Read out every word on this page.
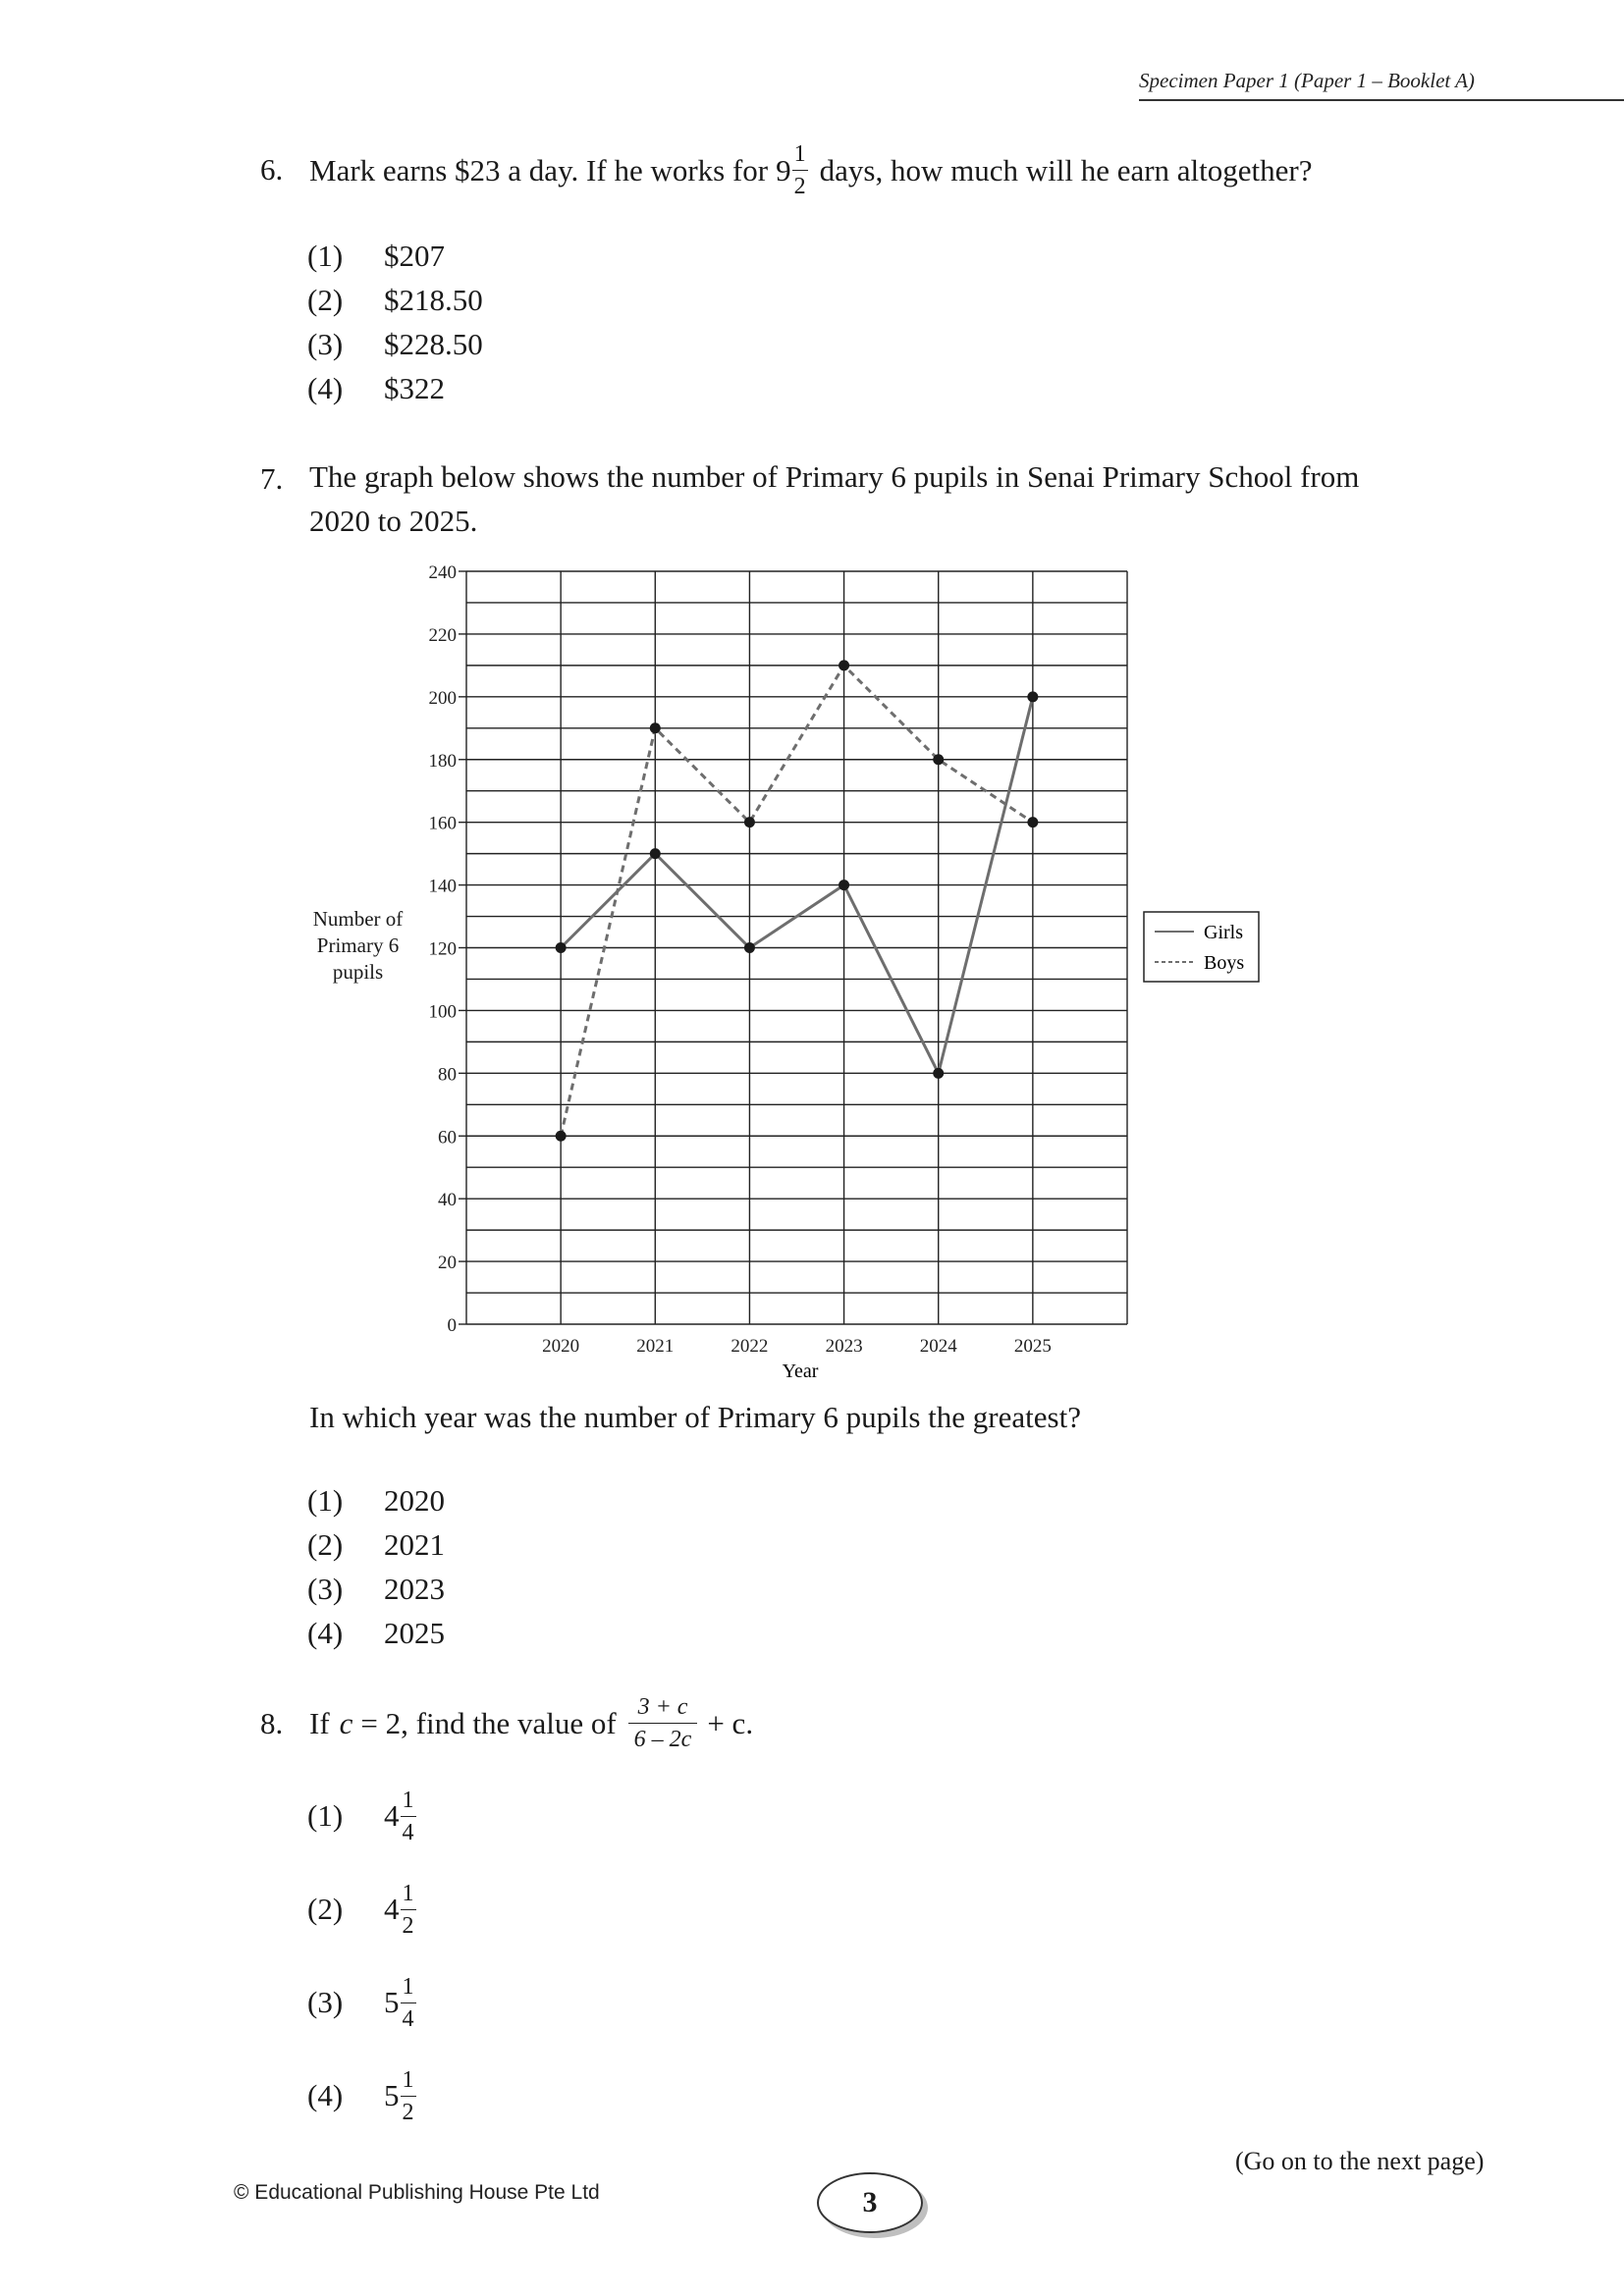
Specimen Paper 1 (Paper 1 – Booklet A)
6. Mark earns $23 a day. If he works for $9 \frac{1}{2}$ days, how much will he earn altogether?
(1) $207
(2) $218.50
(3) $228.50
(4) $322
7. The graph below shows the number of Primary 6 pupils in Senai Primary School from
2020 to 2025.
Number of
Primary 6
pupils
0
20
40
60
80
100
120
140
160
180
200
220
240
2020	2021	2022	2023	2024	2025
Year
Girls
Boys
In which year was the number of Primary 6 pupils the greatest?
(1) 2020
(2) 2021
(3) 2023
(4) 2025
8. If c = 2, find the value of $\frac{3 + c}{6 - 2c} + c$.
(1)	$4 \frac{1}{4}$
(2)	$4 \frac{1}{2}$
(3)	$5 \frac{1}{4}$
(4)	$5 \frac{1}{2}$
(Go on to the next page)
© Educational Publishing House Pte Ltd	3
